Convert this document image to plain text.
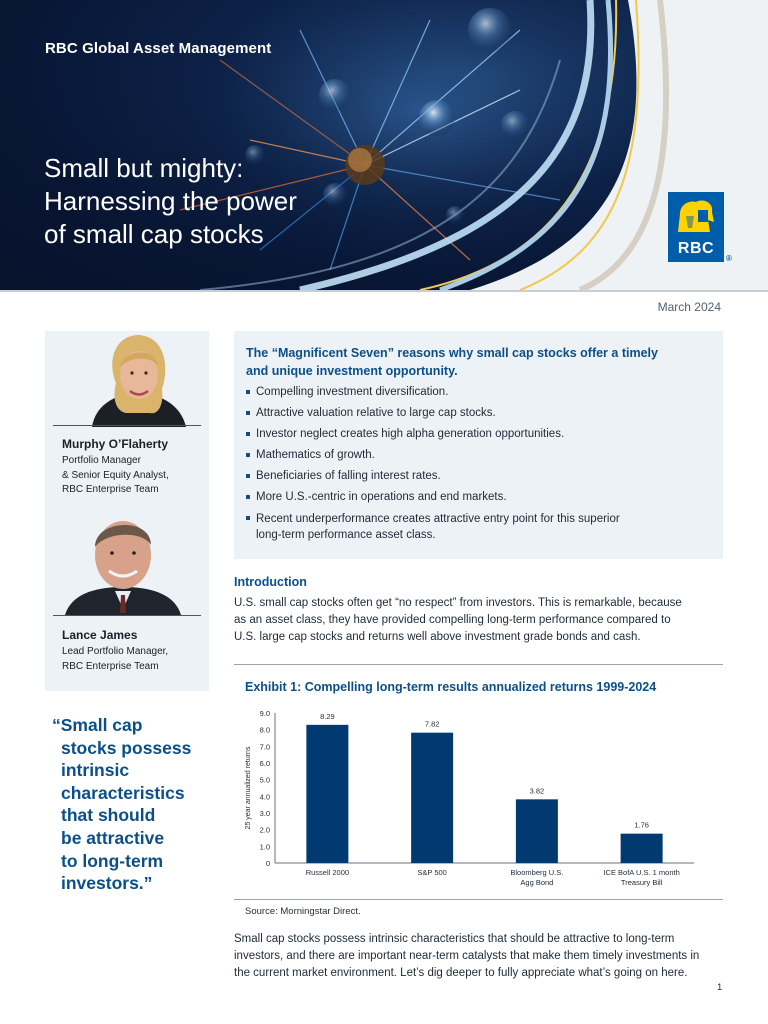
RBC Global Asset Management
Small but mighty:
Harnessing the power
of small cap stocks	RBC
®
March 2024
Murphy O’Flaherty
Portfolio Manager
& Senior Equity Analyst,
RBC Enterprise Team
Lance James
Lead Portfolio Manager,
RBC Enterprise Team
“Small cap
stocks possess
intrinsic
characteristics
that should
be attractive
to long-term
investors.”
The “Magnificent Seven” reasons why small cap stocks offer a timely
and unique investment opportunity.
Compelling investment diversification.
Attractive valuation relative to large cap stocks.
Investor neglect creates high alpha generation opportunities.
Mathematics of growth.
Beneficiaries of falling interest rates.
More U.S.-centric in operations and end markets.
Recent underperformance creates attractive entry point for this superior
long-term performance asset class.
Introduction
U.S. small cap stocks often get “no respect” from investors. This is remarkable, because
as an asset class, they have provided compelling long-term performance compared to
U.S. large cap stocks and returns well above investment grade bonds and cash.
Exhibit 1: Compelling long-term results annualized returns 1999-2024
0
1.0
2.0
3.0
4.0
5.0
6.0
7.0
8.0
9.0
25 year annualized returns
8.29
Russell 2000
7.82
S&P 500
3.82
Bloomberg U.S.
Agg Bond
1.76
ICE BofA U.S. 1 month
Treasury Bill
Source: Morningstar Direct.
Small cap stocks possess intrinsic characteristics that should be attractive to long-term
investors, and there are important near-term catalysts that make them timely investments in
the current market environment. Let’s dig deeper to fully appreciate what’s going on here.
1
